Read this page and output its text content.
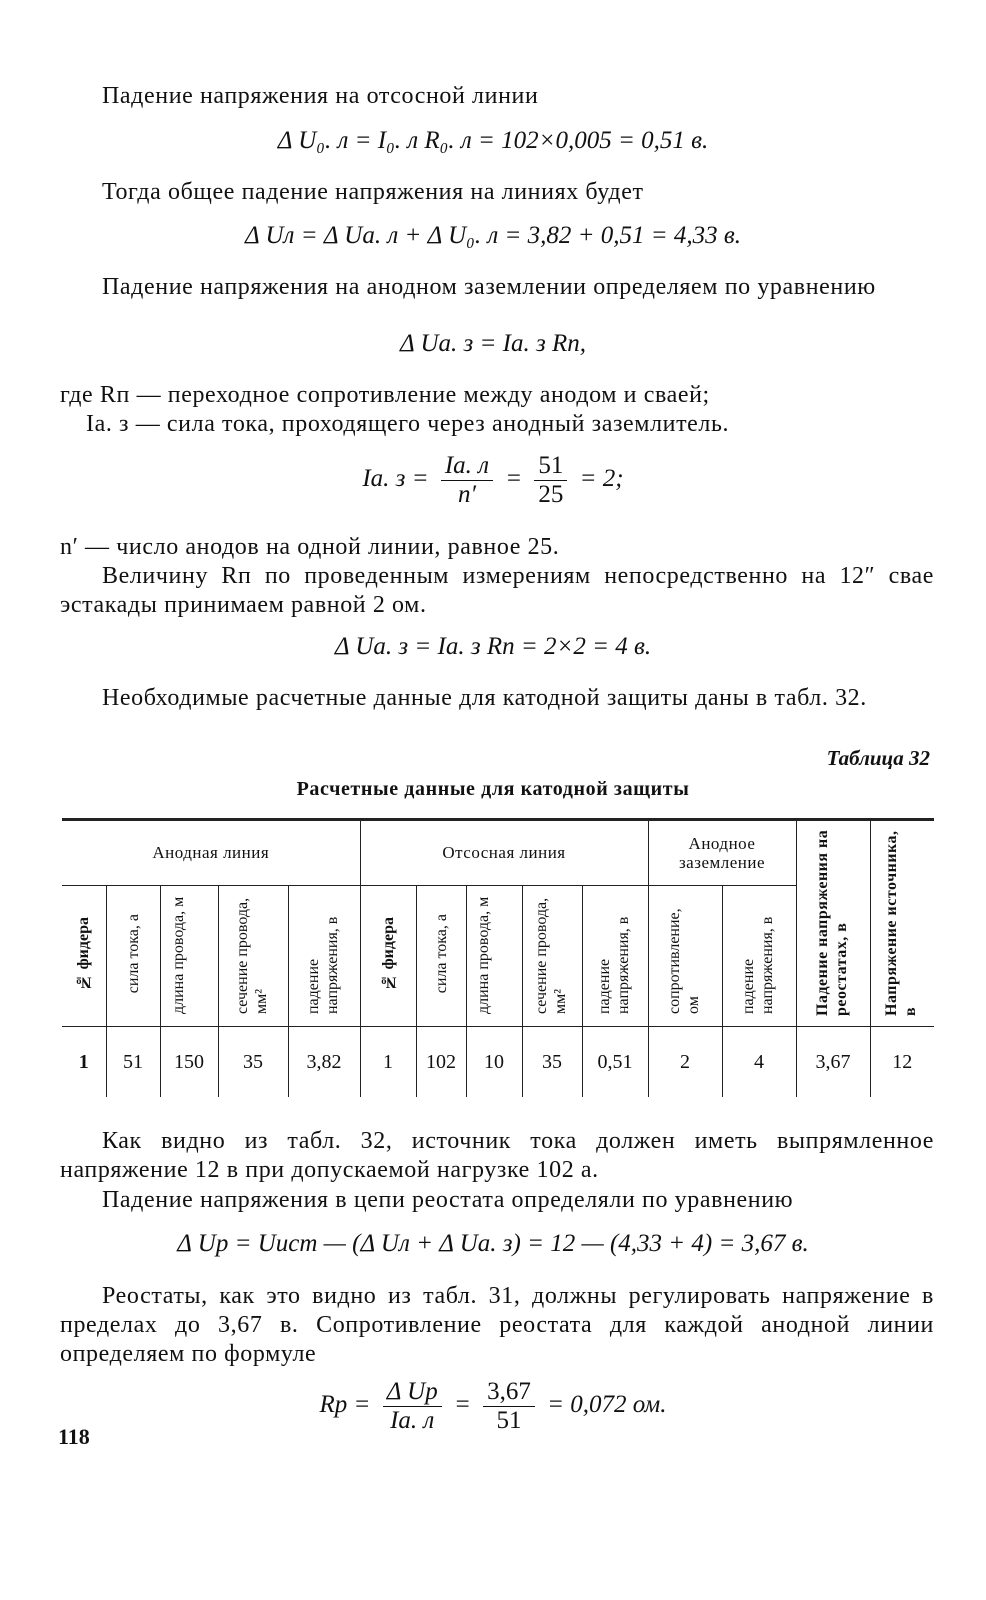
Падение напряжения на отсосной линии

Δ U₀. л = I₀. л R₀. л = 102×0,005 = 0,51 в.

Тогда общее падение напряжения на линиях будет

Δ Uл = Δ Uа. л + Δ U₀. л = 3,82 + 0,51 = 4,33 в.

Падение напряжения на анодном заземлении определяем по уравнению

Δ Uа. з = Iа. з Rп,

где Rп — переходное сопротивление между анодом и сваей;

Iа. з — сила тока, проходящего через анодный заземлитель.

Iа. $з = \frac{Iа. л}{n'} = \frac{51}{25} = 2$;

n′ — число анодов на одной линии, равное 25.

Величину Rп по проведенным измерениям непосредственно на 12″ свае эстакады принимаем равной 2 ом.

Δ Uа. з = Iа. з Rп = 2×2 = 4 в.

Необходимые расчетные данные для катодной защиты даны в табл. 32.

Таблица 32
Расчетные данные для катодной защиты
Анодная линия					Отсосная линия					Анодное заземление		Падение напряжения на реостатах, в	Напряжение источника, в
№ фидера	сила тока, а	длина провода, м	сечение провода, мм²	падение напряжения, в	№ фидера	сила тока, а	длина провода, м	сечение провода, мм²	падение напряжения, в	сопротивление, ом	падение напряжения, в		
1	51	150	35	3,82	1	102	10	35	0,51	2	4	3,67	12

Как видно из табл. 32, источник тока должен иметь выпрямленное напряжение 12 в при допускаемой нагрузке 102 а.

Падение напряжения в цепи реостата определяли по уравнению

Δ Uр = Uист — (Δ Uл + Δ Uа. з) = 12 — (4,33 + 4) = 3,67 в.

Реостаты, как это видно из табл. 31, должны регулировать напряжение в пределах до 3,67 в. Сопротивление реостата для каждой анодной линии определяем по формуле

Rр = $\frac{\text{Δ Uр}}{Iа. л} = \frac{3,67}{51} = 0,072$ ом.
118
